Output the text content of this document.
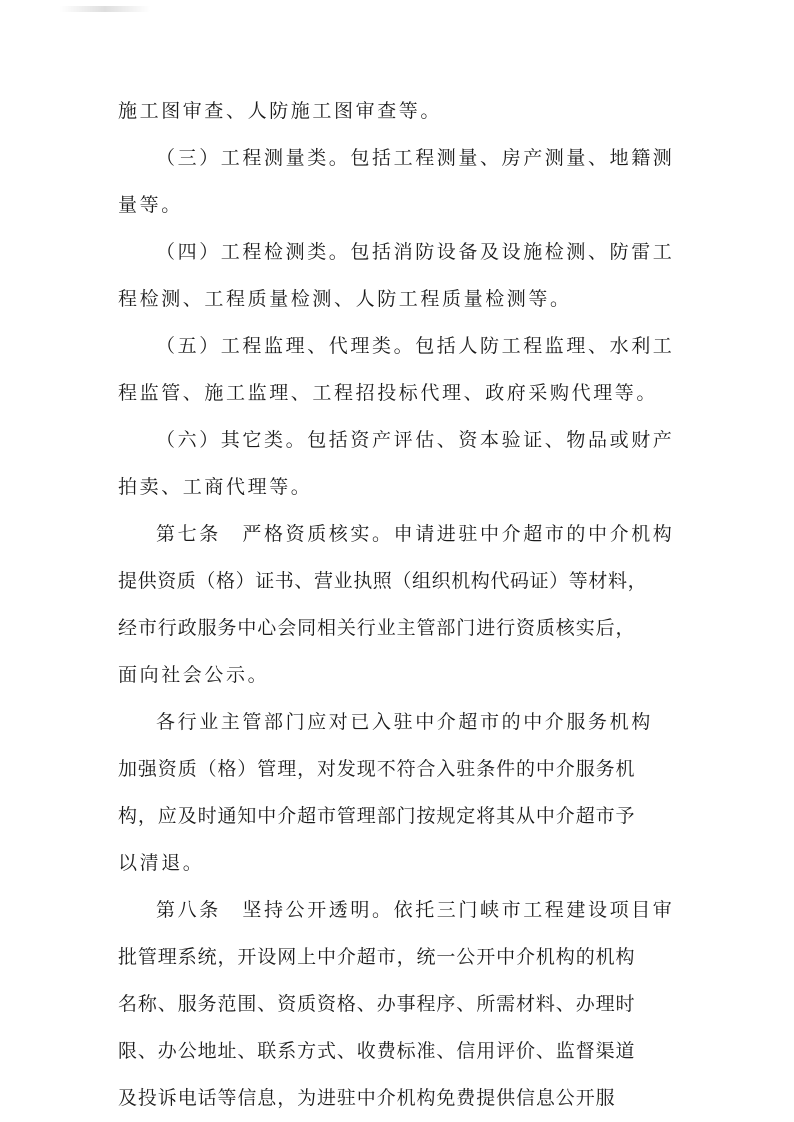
施工图审查、人防施工图审查等。
（三）工程测量类。包括工程测量、房产测量、地籍测
量等。
（四）工程检测类。包括消防设备及设施检测、防雷工
程检测、工程质量检测、人防工程质量检测等。
（五）工程监理、代理类。包括人防工程监理、水利工
程监管、施工监理、工程招投标代理、政府采购代理等。
（六）其它类。包括资产评估、资本验证、物品或财产
拍卖、工商代理等。
第七条　严格资质核实。申请进驻中介超市的中介机构
提供资质（格）证书、营业执照（组织机构代码证）等材料，
经市行政服务中心会同相关行业主管部门进行资质核实后，
面向社会公示。
各行业主管部门应对已入驻中介超市的中介服务机构
加强资质（格）管理，对发现不符合入驻条件的中介服务机
构，应及时通知中介超市管理部门按规定将其从中介超市予
以清退。
第八条　坚持公开透明。依托三门峡市工程建设项目审
批管理系统，开设网上中介超市，统一公开中介机构的机构
名称、服务范围、资质资格、办事程序、所需材料、办理时
限、办公地址、联系方式、收费标准、信用评价、监督渠道
及投诉电话等信息，为进驻中介机构免费提供信息公开服
